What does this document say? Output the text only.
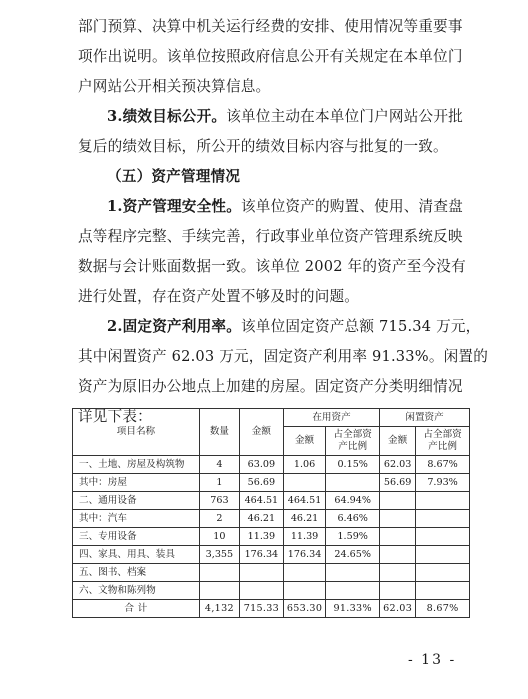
部门预算、决算中机关运行经费的安排、使用情况等重要事
项作出说明。该单位按照政府信息公开有关规定在本单位门
户网站公开相关预决算信息。
3.绩效目标公开。该单位主动在本单位门户网站公开批
复后的绩效目标，所公开的绩效目标内容与批复的一致。
（五）资产管理情况
1.资产管理安全性。该单位资产的购置、使用、清查盘
点等程序完整、手续完善，行政事业单位资产管理系统反映
数据与会计账面数据一致。该单位 2002 年的资产至今没有
进行处置，存在资产处置不够及时的问题。
2.固定资产利用率。该单位固定资产总额 715.34 万元，
其中闲置资产 62.03 万元，固定资产利用率 91.33%。闲置的
资产为原旧办公地点上加建的房屋。固定资产分类明细情况
详见下表：
项目名称	数量	金额	在用资产		闲置资产	
			金额	占全部资产比例	金额	占全部资产比例
一、土地、房屋及构筑物	4	63.09	1.06	0.15%	62.03	8.67%
其中：房屋	1	56.69			56.69	7.93%
二、通用设备	763	464.51	464.51	64.94%		
其中：汽车	2	46.21	46.21	6.46%		
三、专用设备	10	11.39	11.39	1.59%		
四、家具、用具、装具	3,355	176.34	176.34	24.65%		
五、图书、档案						
六、文物和陈列物						
合 计	4,132	715.33	653.30	91.33%	62.03	8.67%
- 13 -
